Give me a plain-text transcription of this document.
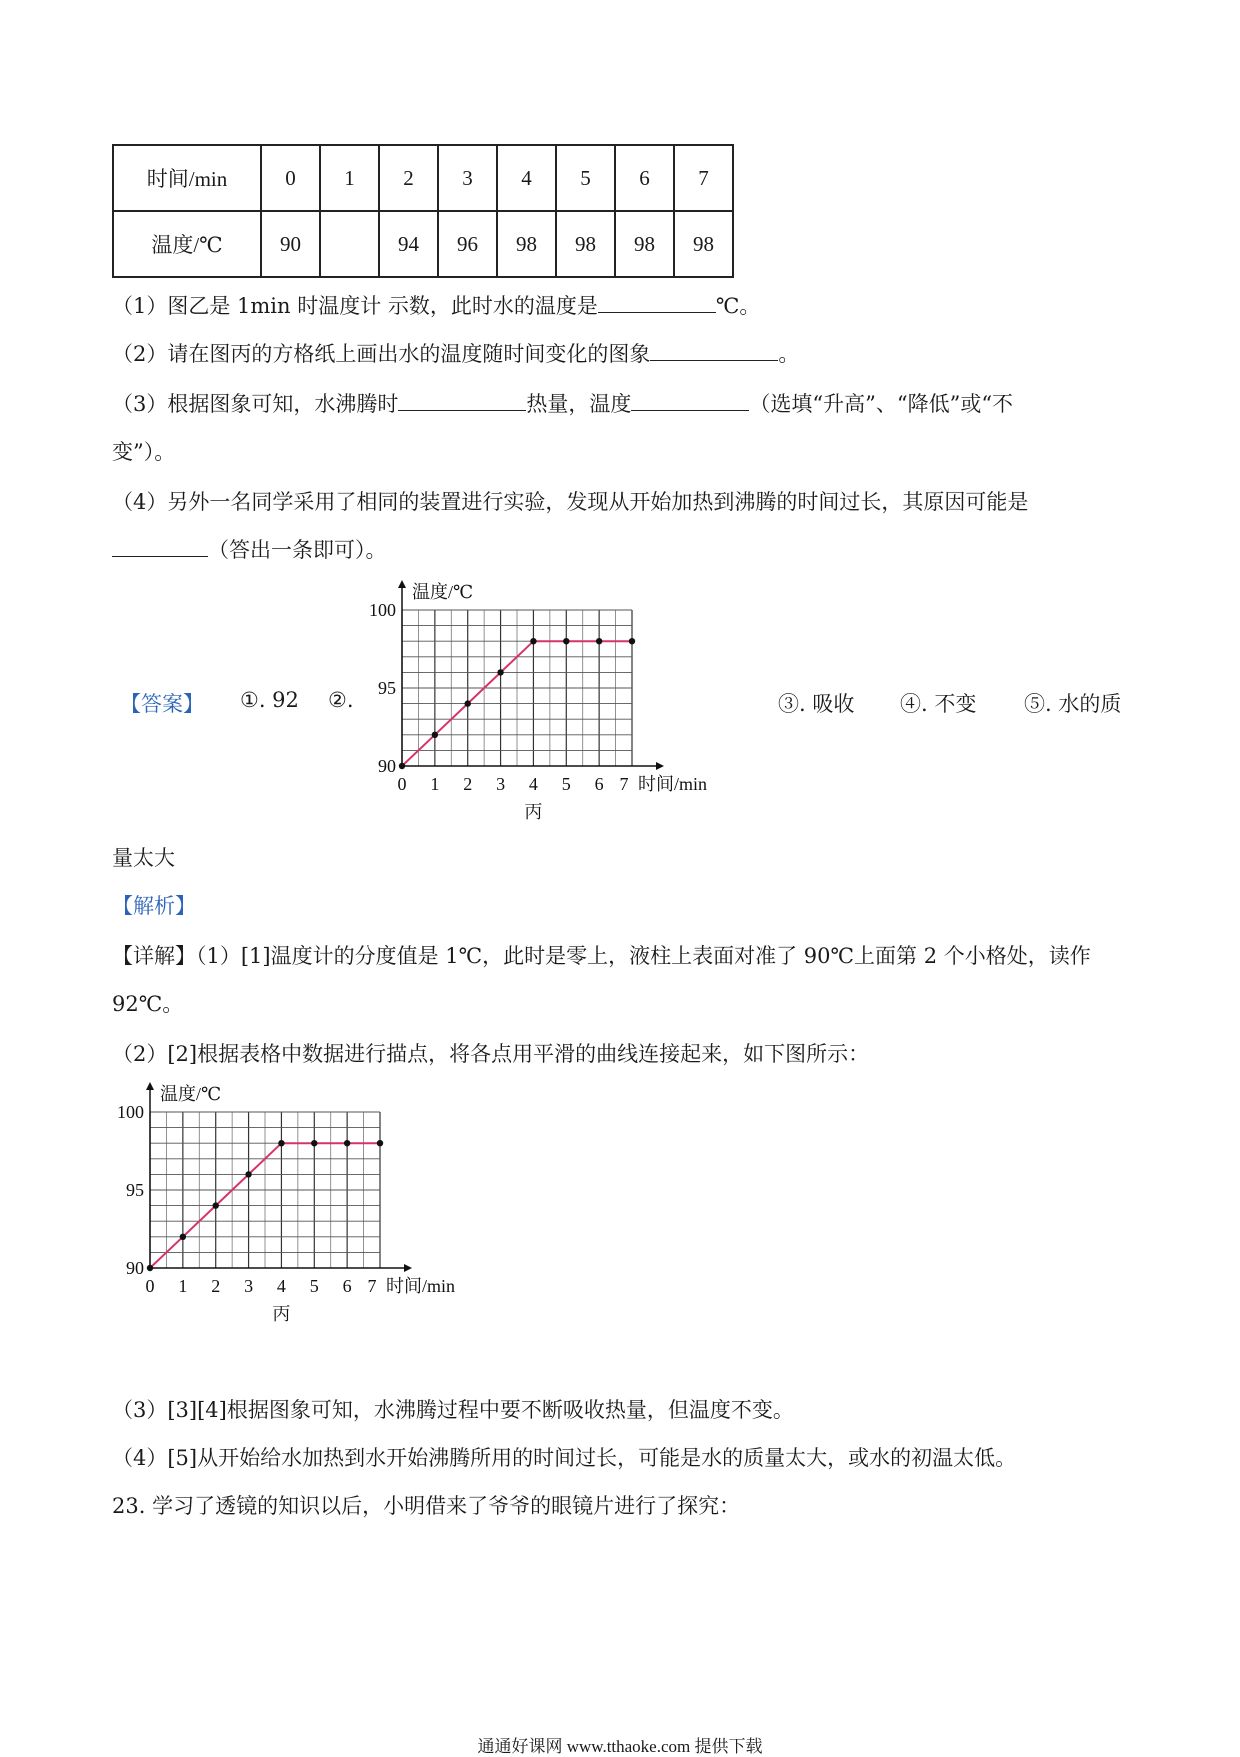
时间/min	0	1	2	3	4	5	6	7
温度/℃	90		94	96	98	98	98	98
（1）图乙是 1min 时温度计 示数，此时水的温度是	℃。
（2）请在图丙的方格纸上画出水的温度随时间变化的图象	。
（3）根据图象可知，水沸腾时	热量，温度	（选填“升高”、“降低”或“不
变”）。
（4）另外一名同学采用了相同的装置进行实验，发现从开始加热到沸腾的时间过长，其原因可能是
（答出一条即可）。
【答案】 ①. 92 ②.	③. 吸收 ④. 不变 ⑤. 水的质
量太大
温度/℃
时间/min
0 1 2 3 4 5 6 7
90
95
100
丙
【解析】
【详解】（1）[1]温度计的分度值是 1℃，此时是零上，液柱上表面对准了 90℃上面第 2 个小格处，读作
92℃。
（2）[2]根据表格中数据进行描点，将各点用平滑的曲线连接起来，如下图所示：
温度/℃
时间/min
0 1 2 3 4 5 6 7
90
95
100
丙
（3）[3][4]根据图象可知，水沸腾过程中要不断吸收热量，但温度不变。
（4）[5]从开始给水加热到水开始沸腾所用的时间过长，可能是水的质量太大，或水的初温太低。
23. 学习了透镜的知识以后，小明借来了爷爷的眼镜片进行了探究：
通通好课网 www.tthaoke.com 提供下载
